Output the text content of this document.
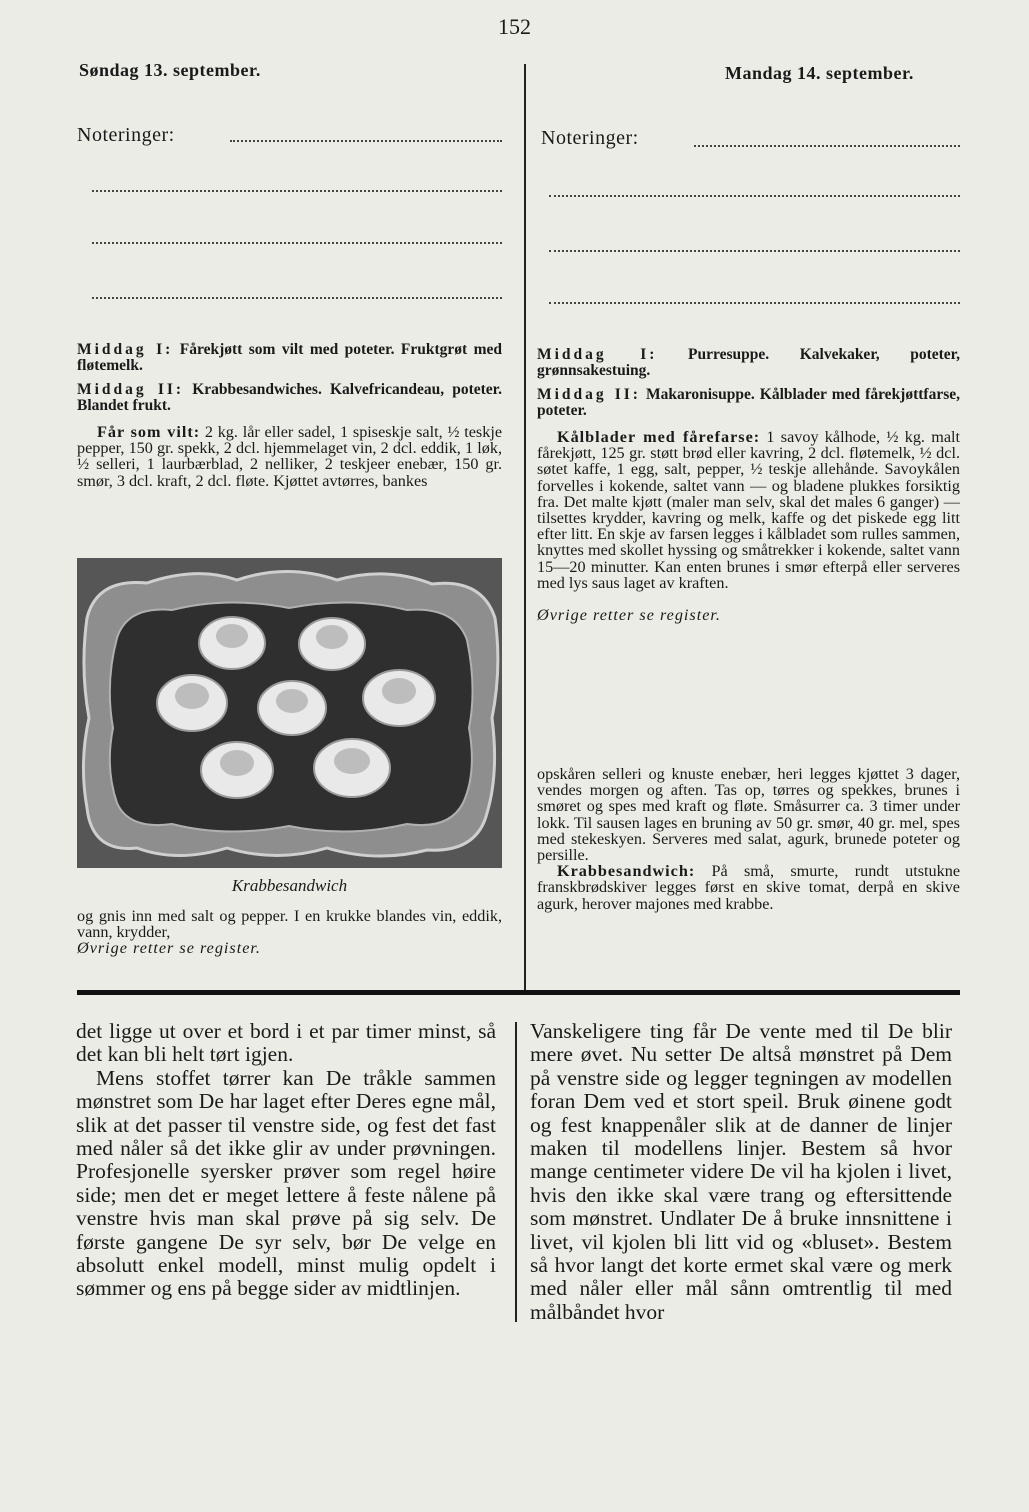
152
Søndag 13. september.
Noteringer:
Mandag 14. september.
Noteringer:

Middag I: Fårekjøtt som vilt med poteter. Fruktgrøt med fløtemelk.

Middag II: Krabbesandwiches. Kalvefricandeau, poteter. Blandet frukt.

Får som vilt: 2 kg. lår eller sadel, 1 spiseskje salt, ½ teskje pepper, 150 gr. spekk, 2 dcl. hjemmelaget vin, 2 dcl. eddik, 1 løk, ½ selleri, 1 laurbærblad, 2 nelliker, 2 teskjeer enebær, 150 gr. smør, 3 dcl. kraft, 2 dcl. fløte. Kjøttet avtørres, bankes

Krabbesandwich

og gnis inn med salt og pepper. I en krukke blandes vin, eddik, vann, krydder,

Øvrige retter se register.

Middag I: Purresuppe. Kalvekaker, poteter, grønnsakestuing.

Middag II: Makaronisuppe. Kålblader med fårekjøttfarse, poteter.

Kålblader med fårefarse: 1 savoy kålhode, ½ kg. malt fårekjøtt, 125 gr. støtt brød eller kavring, 2 dcl. fløtemelk, ½ dcl. søtet kaffe, 1 egg, salt, pepper, ½ teskje allehånde. Savoykålen forvelles i kokende, saltet vann — og bladene plukkes forsiktig fra. Det malte kjøtt (maler man selv, skal det males 6 ganger) — tilsettes krydder, kavring og melk, kaffe og det piskede egg litt efter litt. En skje av farsen legges i kålbladet som rulles sammen, knyttes med skollet hyssing og småtrekker i kokende, saltet vann 15—20 minutter. Kan enten brunes i smør efterpå eller serveres med lys saus laget av kraften.

Øvrige retter se register.

opskåren selleri og knuste enebær, heri legges kjøttet 3 dager, vendes morgen og aften. Tas op, tørres og spekkes, brunes i smøret og spes med kraft og fløte. Småsurrer ca. 3 timer under lokk. Til sausen lages en bruning av 50 gr. smør, 40 gr. mel, spes med stekeskyen. Serveres med salat, agurk, brunede poteter og persille.

Krabbesandwich: På små, smurte, rundt utstukne franskbrødskiver legges først en skive tomat, derpå en skive agurk, herover majones med krabbe.

det ligge ut over et bord i et par timer minst, så det kan bli helt tørt igjen.

Mens stoffet tørrer kan De tråkle sammen mønstret som De har laget efter Deres egne mål, slik at det passer til venstre side, og fest det fast med nåler så det ikke glir av under prøvningen. Profesjonelle syersker prøver som regel høire side; men det er meget lettere å feste nålene på venstre hvis man skal prøve på sig selv. De første gangene De syr selv, bør De velge en absolutt enkel modell, minst mulig opdelt i sømmer og ens på begge sider av midtlinjen.

Vanskeligere ting får De vente med til De blir mere øvet. Nu setter De altså mønstret på Dem på venstre side og legger tegningen av modellen foran Dem ved et stort speil. Bruk øinene godt og fest knappenåler slik at de danner de linjer maken til modellens linjer. Bestem så hvor mange centimeter videre De vil ha kjolen i livet, hvis den ikke skal være trang og eftersittende som mønstret. Undlater De å bruke innsnittene i livet, vil kjolen bli litt vid og «bluset». Bestem så hvor langt det korte ermet skal være og merk med nåler eller mål sånn omtrentlig til med målbåndet hvor
